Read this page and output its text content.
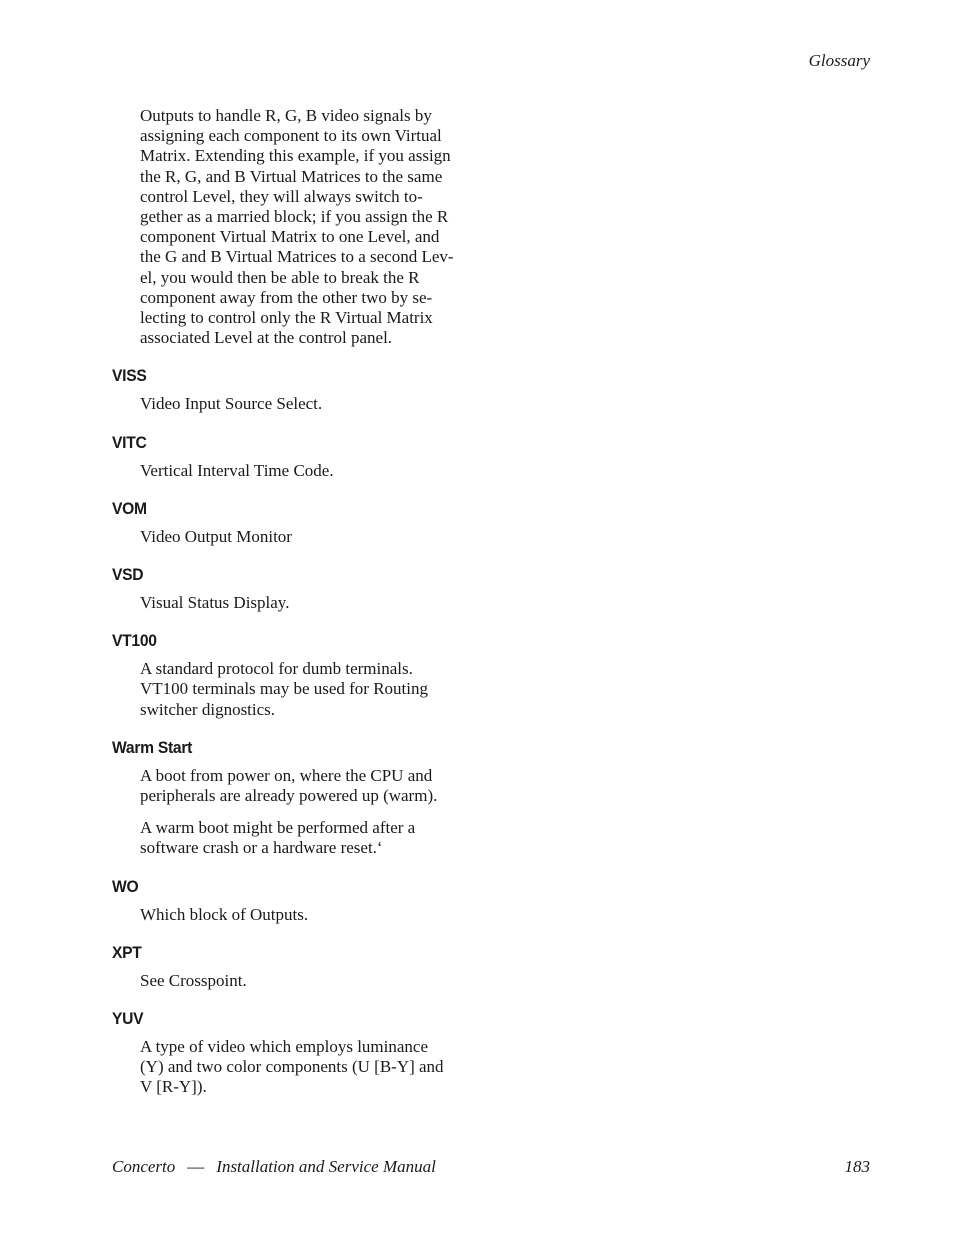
Glossary

Outputs to handle R, G, B video signals by
assigning each component to its own Virtual
Matrix. Extending this example, if you assign
the R, G, and B Virtual Matrices to the same
control Level, they will always switch to-
gether as a married block; if you assign the R
component Virtual Matrix to one Level, and
the G and B Virtual Matrices to a second Lev-
el, you would then be able to break the R
component away from the other two by se-
lecting to control only the R Virtual Matrix
associated Level at the control panel.

VISS

Video Input Source Select.

VITC

Vertical Interval Time Code.

VOM

Video Output Monitor

VSD

Visual Status Display.

VT100

A standard protocol for dumb terminals.
VT100 terminals may be used for Routing
switcher dignostics.

Warm Start

A boot from power on, where the CPU and
peripherals are already powered up (warm).

A warm boot might be performed after a
software crash or a hardware reset.‘

WO

Which block of Outputs.

XPT

See Crosspoint.

YUV

A type of video which employs luminance
(Y) and two color components (U [B-Y] and
V [R-Y]).

Concerto — Installation and Service Manual	183
